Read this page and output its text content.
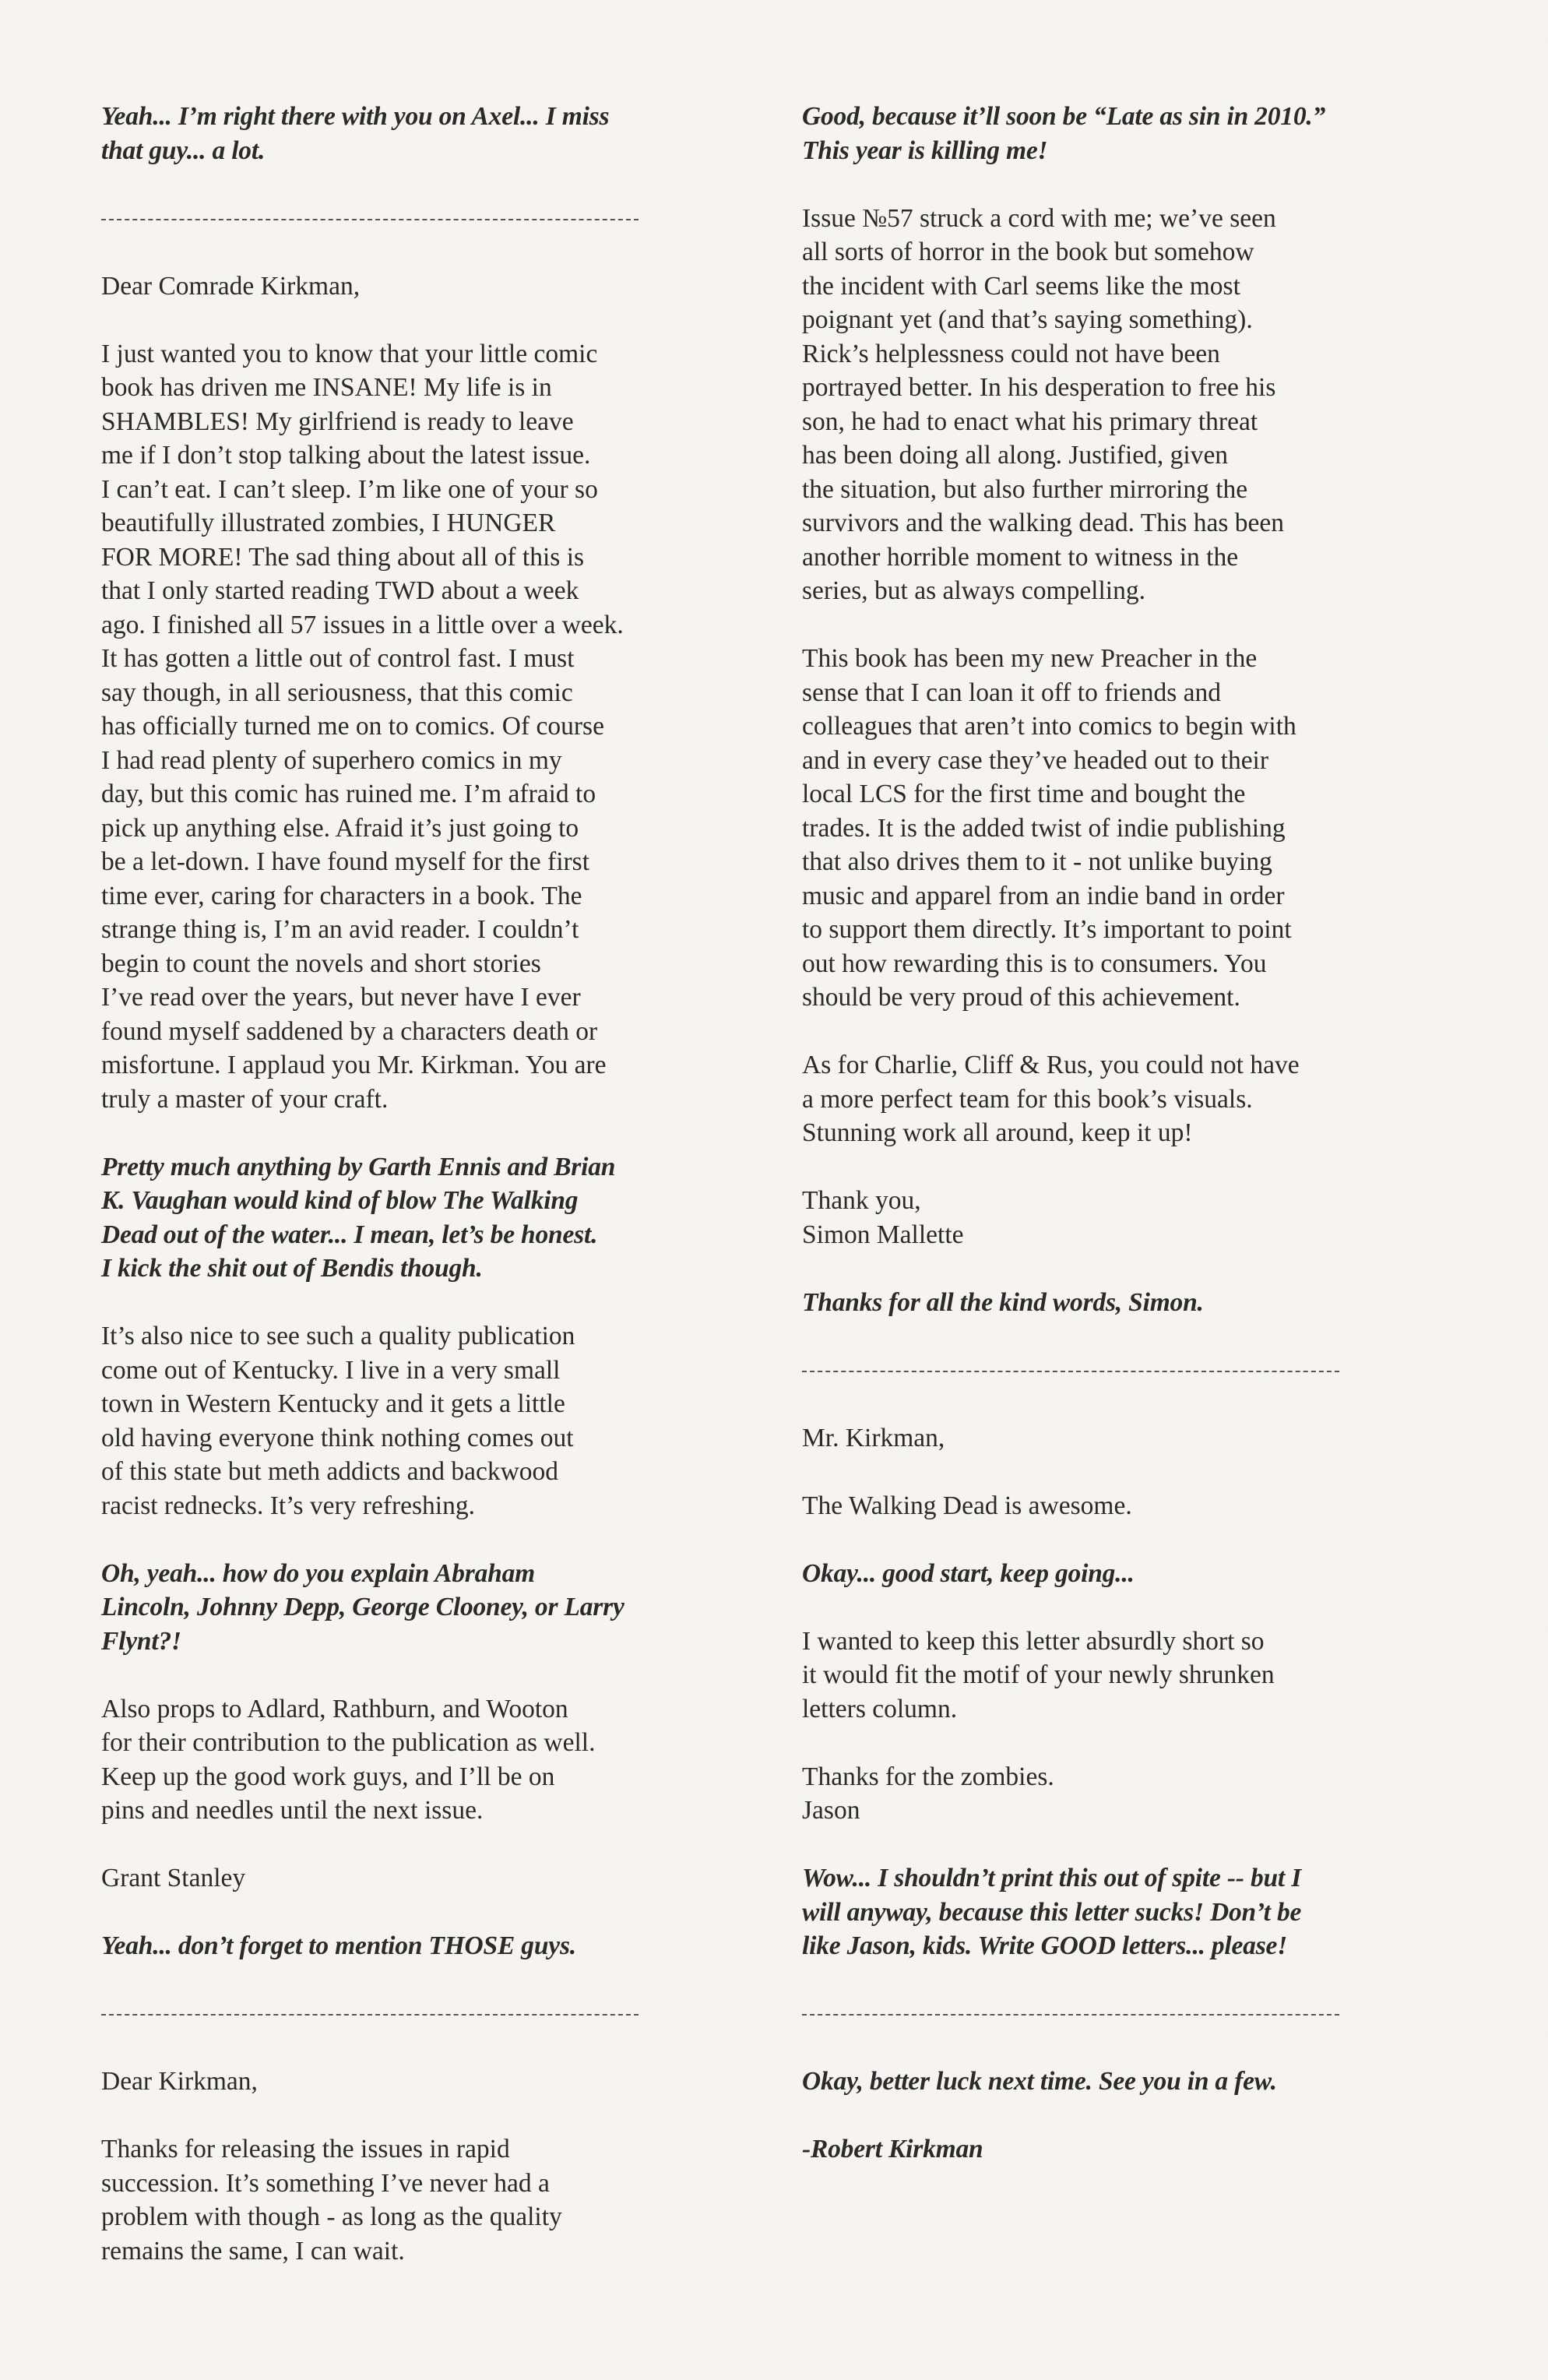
Yeah... I’m right there with you on Axel... I miss
that guy... a lot.
Dear Comrade Kirkman,
I just wanted you to know that your little comic
book has driven me INSANE! My life is in
SHAMBLES! My girlfriend is ready to leave
me if I don’t stop talking about the latest issue.
I can’t eat. I can’t sleep. I’m like one of your so
beautifully illustrated zombies, I HUNGER
FOR MORE! The sad thing about all of this is
that I only started reading TWD about a week
ago. I finished all 57 issues in a little over a week.
It has gotten a little out of control fast. I must
say though, in all seriousness, that this comic
has officially turned me on to comics. Of course
I had read plenty of superhero comics in my
day, but this comic has ruined me. I’m afraid to
pick up anything else. Afraid it’s just going to
be a let-down. I have found myself for the first
time ever, caring for characters in a book. The
strange thing is, I’m an avid reader. I couldn’t
begin to count the novels and short stories
I’ve read over the years, but never have I ever
found myself saddened by a characters death or
misfortune. I applaud you Mr. Kirkman. You are
truly a master of your craft.
Pretty much anything by Garth Ennis and Brian
K. Vaughan would kind of blow The Walking
Dead out of the water... I mean, let’s be honest.
I kick the shit out of Bendis though.
It’s also nice to see such a quality publication
come out of Kentucky. I live in a very small
town in Western Kentucky and it gets a little
old having everyone think nothing comes out
of this state but meth addicts and backwood
racist rednecks. It’s very refreshing.
Oh, yeah... how do you explain Abraham
Lincoln, Johnny Depp, George Clooney, or Larry
Flynt?!
Also props to Adlard, Rathburn, and Wooton
for their contribution to the publication as well.
Keep up the good work guys, and I’ll be on
pins and needles until the next issue.
Grant Stanley
Yeah... don’t forget to mention THOSE guys.
Dear Kirkman,
Thanks for releasing the issues in rapid
succession. It’s something I’ve never had a
problem with though - as long as the quality
remains the same, I can wait.
Good, because it’ll soon be “Late as sin in 2010.”
This year is killing me!
Issue №57 struck a cord with me; we’ve seen
all sorts of horror in the book but somehow
the incident with Carl seems like the most
poignant yet (and that’s saying something).
Rick’s helplessness could not have been
portrayed better. In his desperation to free his
son, he had to enact what his primary threat
has been doing all along. Justified, given
the situation, but also further mirroring the
survivors and the walking dead. This has been
another horrible moment to witness in the
series, but as always compelling.
This book has been my new Preacher in the
sense that I can loan it off to friends and
colleagues that aren’t into comics to begin with
and in every case they’ve headed out to their
local LCS for the first time and bought the
trades. It is the added twist of indie publishing
that also drives them to it - not unlike buying
music and apparel from an indie band in order
to support them directly. It’s important to point
out how rewarding this is to consumers. You
should be very proud of this achievement.
As for Charlie, Cliff & Rus, you could not have
a more perfect team for this book’s visuals.
Stunning work all around, keep it up!
Thank you,
Simon Mallette
Thanks for all the kind words, Simon.
Mr. Kirkman,
The Walking Dead is awesome.
Okay... good start, keep going...
I wanted to keep this letter absurdly short so
it would fit the motif of your newly shrunken
letters column.
Thanks for the zombies.
Jason
Wow... I shouldn’t print this out of spite -- but I
will anyway, because this letter sucks! Don’t be
like Jason, kids. Write GOOD letters... please!
Okay, better luck next time. See you in a few.
-Robert Kirkman
